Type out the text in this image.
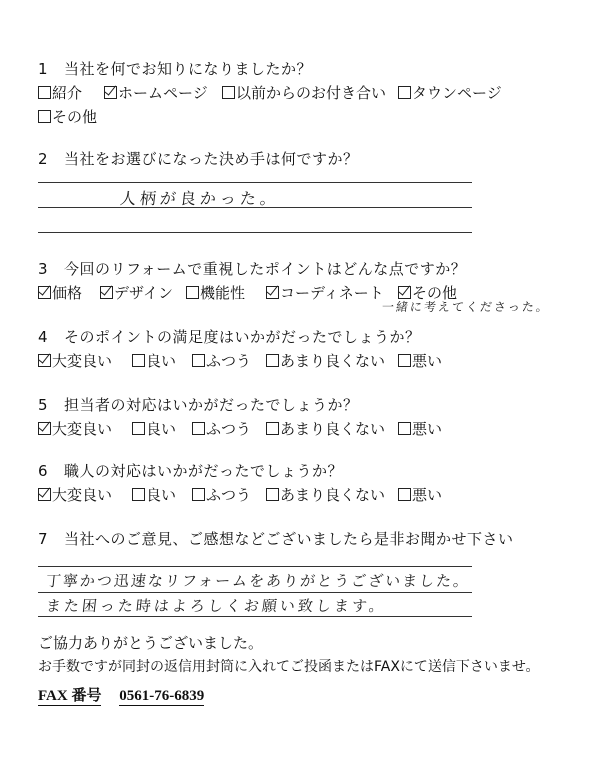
1 当社を何でお知りになりましたか？
紹介	ホームページ	以前からのお付き合い	タウンページ
その他
2 当社をお選びになった決め手は何ですか？
人柄が良かった。
3 今回のリフォームで重視したポイントはどんな点ですか？
価格	デザイン	機能性	コーディネート	その他
一緒に考えてくださった。
4 そのポイントの満足度はいかがだったでしょうか？
大変良い	良い	ふつう	あまり良くない	悪い
5 担当者の対応はいかがだったでしょうか？
大変良い	良い	ふつう	あまり良くない	悪い
6 職人の対応はいかがだったでしょうか？
大変良い	良い	ふつう	あまり良くない	悪い
7 当社へのご意見、ご感想などございましたら是非お聞かせ下さい
丁寧かつ迅速なリフォームをありがとうございました。
また困った時はよろしくお願い致します。
ご協力ありがとうございました。
お手数ですが同封の返信用封筒に入れてご投函またはFAXにて送信下さいませ。
FAX 番号 0561-76-6839
